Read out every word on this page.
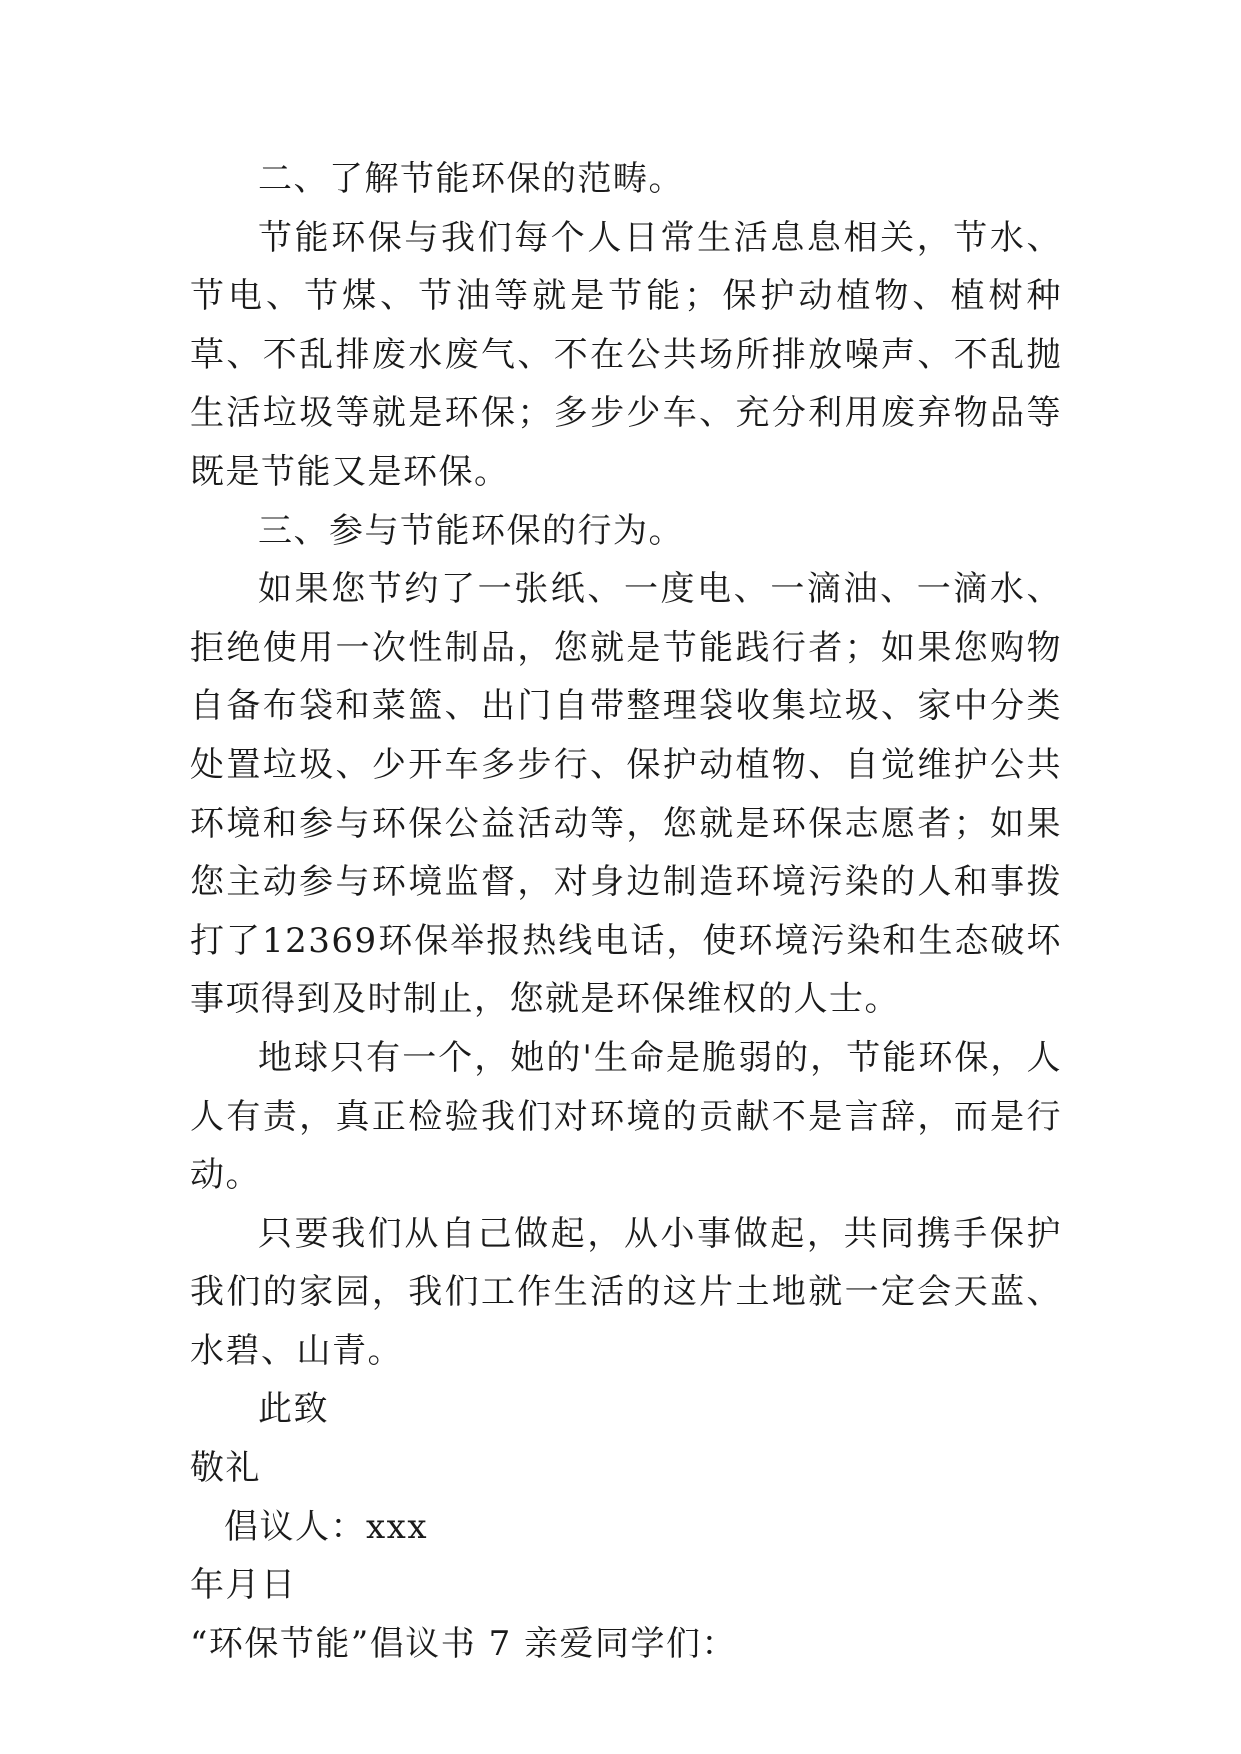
二、了解节能环保的范畴。

节能环保与我们每个人日常生活息息相关，节水、节电、节煤、节油等就是节能；保护动植物、植树种草、不乱排废水废气、不在公共场所排放噪声、不乱抛生活垃圾等就是环保；多步少车、充分利用废弃物品等既是节能又是环保。

三、参与节能环保的行为。

如果您节约了一张纸、一度电、一滴油、一滴水、拒绝使用一次性制品，您就是节能践行者；如果您购物自备布袋和菜篮、出门自带整理袋收集垃圾、家中分类处置垃圾、少开车多步行、保护动植物、自觉维护公共环境和参与环保公益活动等，您就是环保志愿者；如果您主动参与环境监督，对身边制造环境污染的人和事拨打了12369环保举报热线电话，使环境污染和生态破坏事项得到及时制止，您就是环保维权的人士。

地球只有一个，她的'生命是脆弱的，节能环保，人人有责，真正检验我们对环境的贡献不是言辞，而是行动。

只要我们从自己做起，从小事做起，共同携手保护我们的家园，我们工作生活的这片土地就一定会天蓝、水碧、山青。

此致

敬礼

倡议人：xxx

年月日

“环保节能”倡议书 7 亲爱同学们：
